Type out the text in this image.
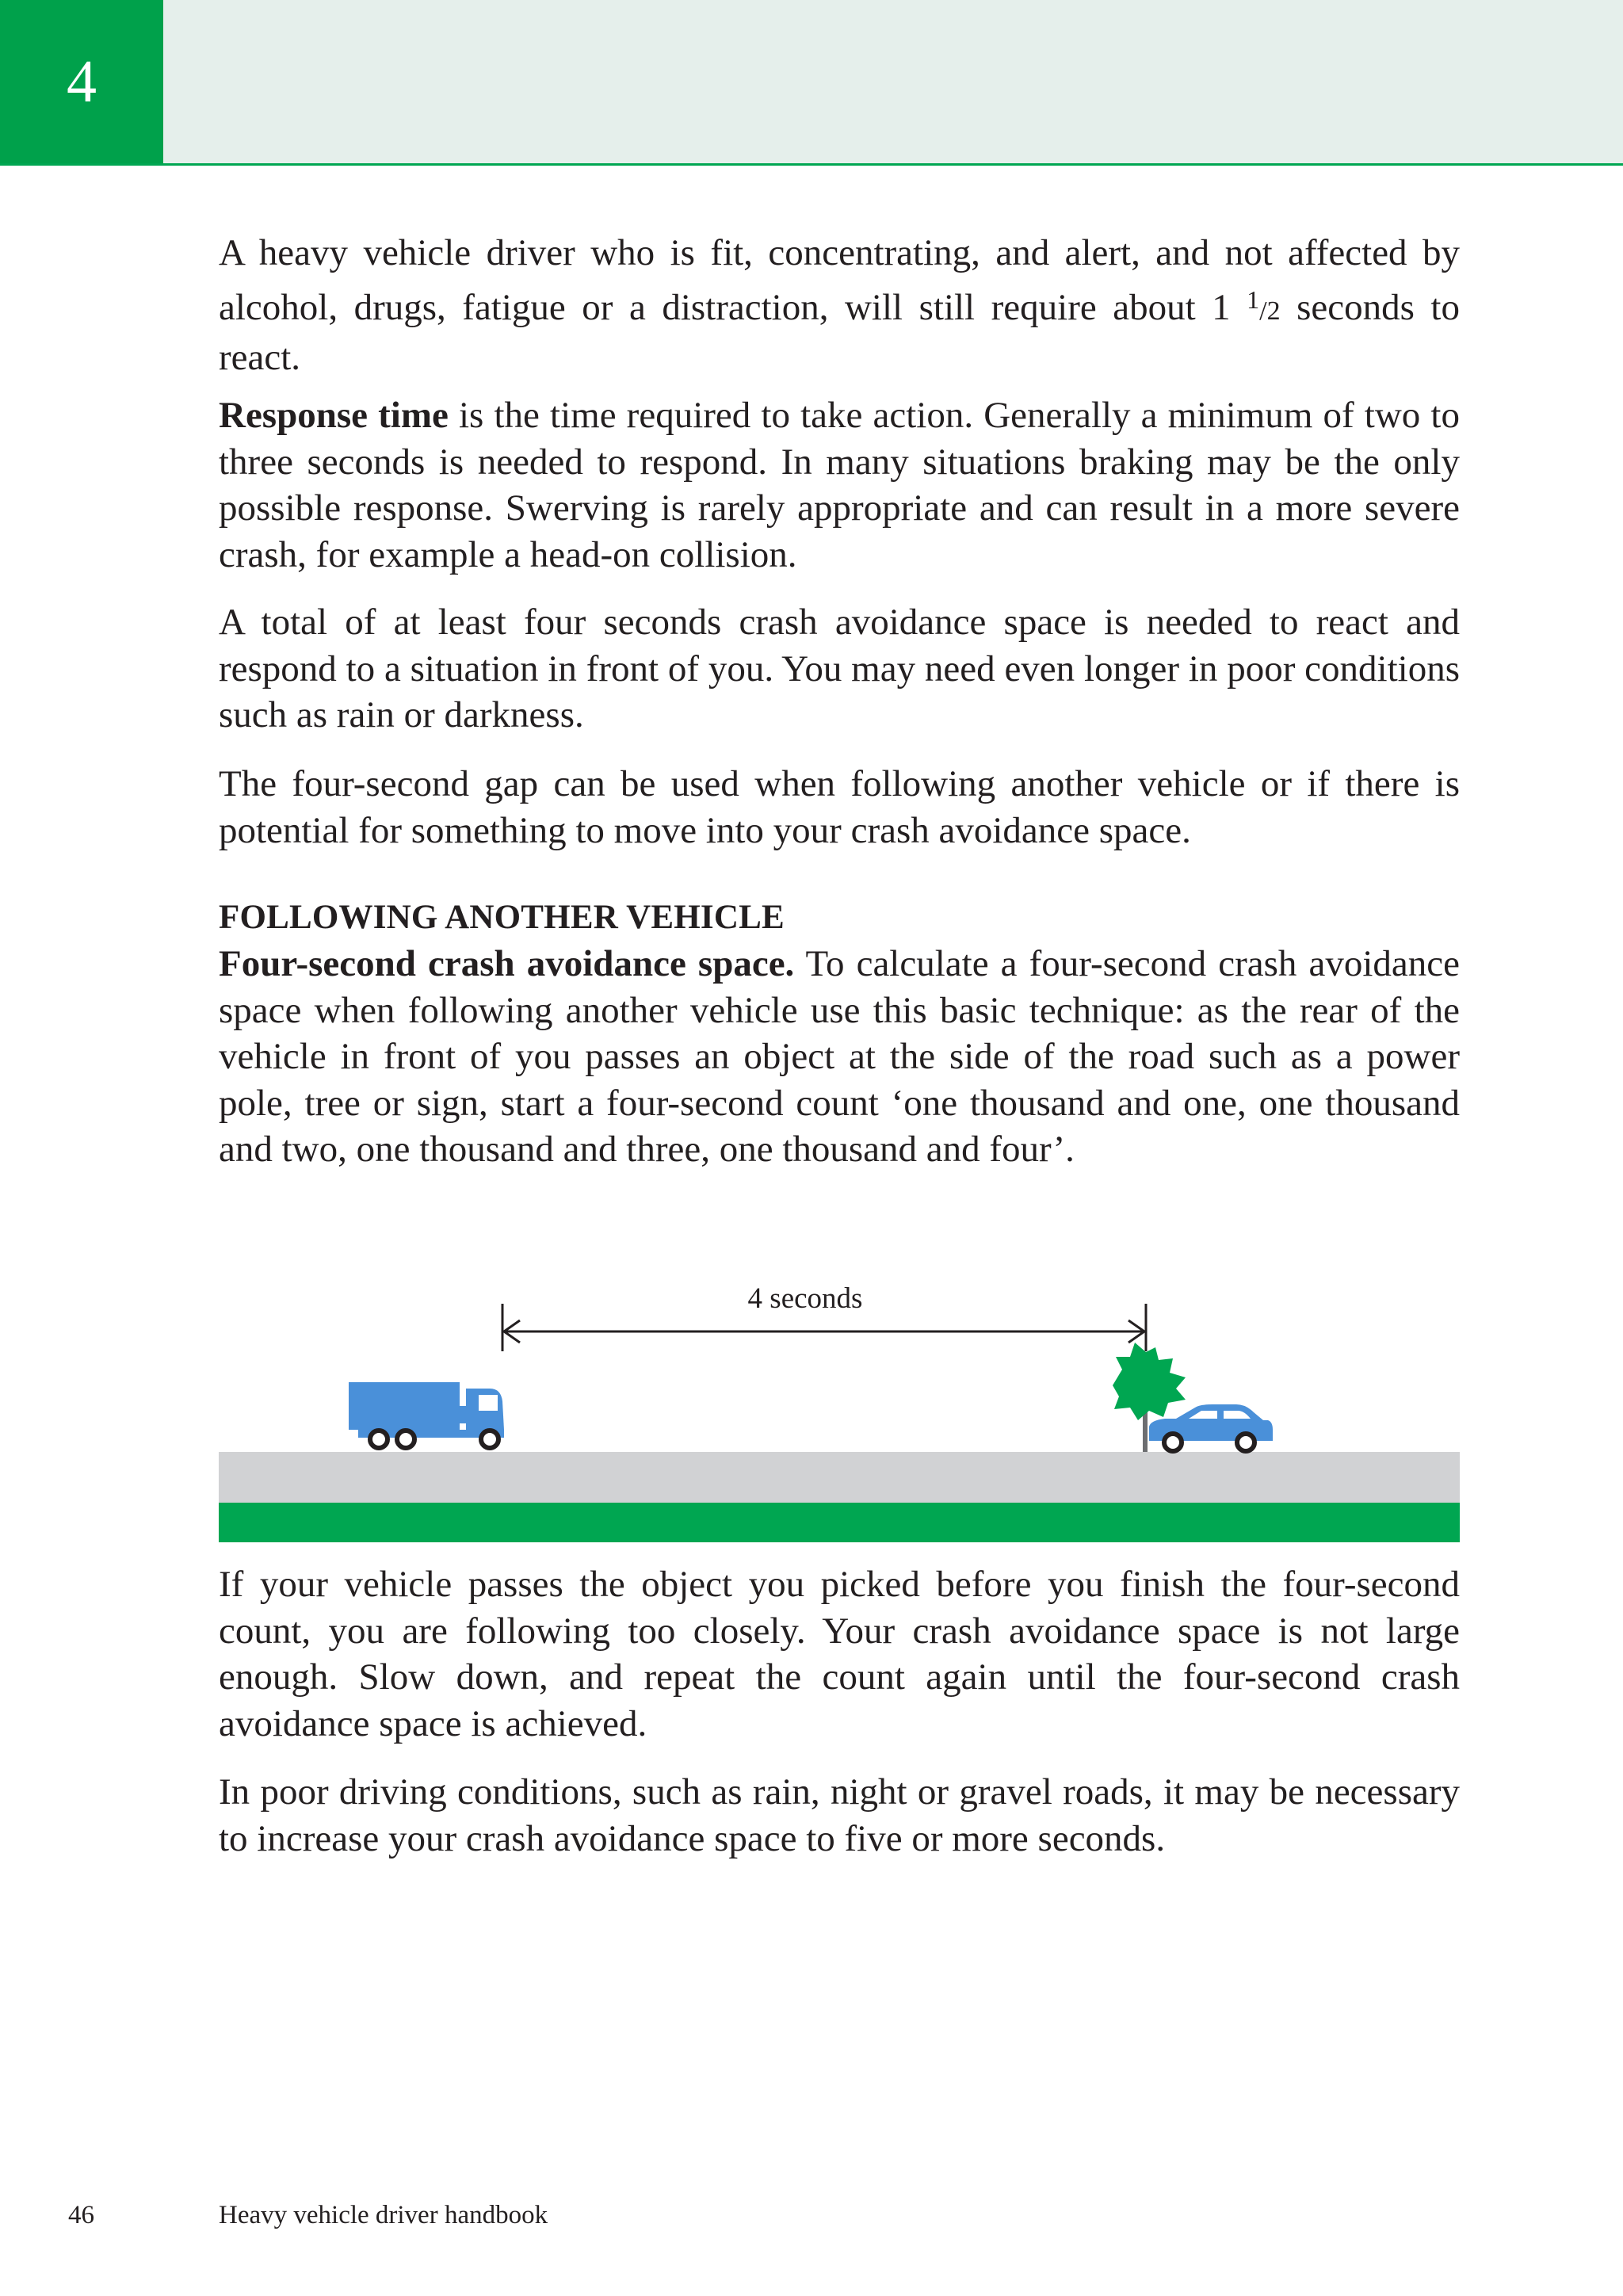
4

A heavy vehicle driver who is fit, concentrating, and alert, and not affected by alcohol, drugs, fatigue or a distraction, will still require about 1 $^1$/2 seconds to react.

Response time is the time required to take action. Generally a minimum of two to three seconds is needed to respond. In many situations braking may be the only possible response. Swerving is rarely appropriate and can result in a more severe crash, for example a head-on collision.

A total of at least four seconds crash avoidance space is needed to react and respond to a situation in front of you. You may need even longer in poor conditions such as rain or darkness.

The four-second gap can be used when following another vehicle or if there is potential for something to move into your crash avoidance space.

FOLLOWING ANOTHER VEHICLE

Four-second crash avoidance space. To calculate a four-second crash avoidance space when following another vehicle use this basic technique: as the rear of the vehicle in front of you passes an object at the side of the road such as a power pole, tree or sign, start a four-second count ‘one thousand and one, one thousand and two, one thousand and three, one thousand and four’.

4 seconds

If your vehicle passes the object you picked before you finish the four-second count, you are following too closely. Your crash avoidance space is not large enough. Slow down, and repeat the count again until the four-second crash avoidance space is achieved.

In poor driving conditions, such as rain, night or gravel roads, it may be necessary to increase your crash avoidance space to five or more seconds.

46	Heavy vehicle driver handbook
